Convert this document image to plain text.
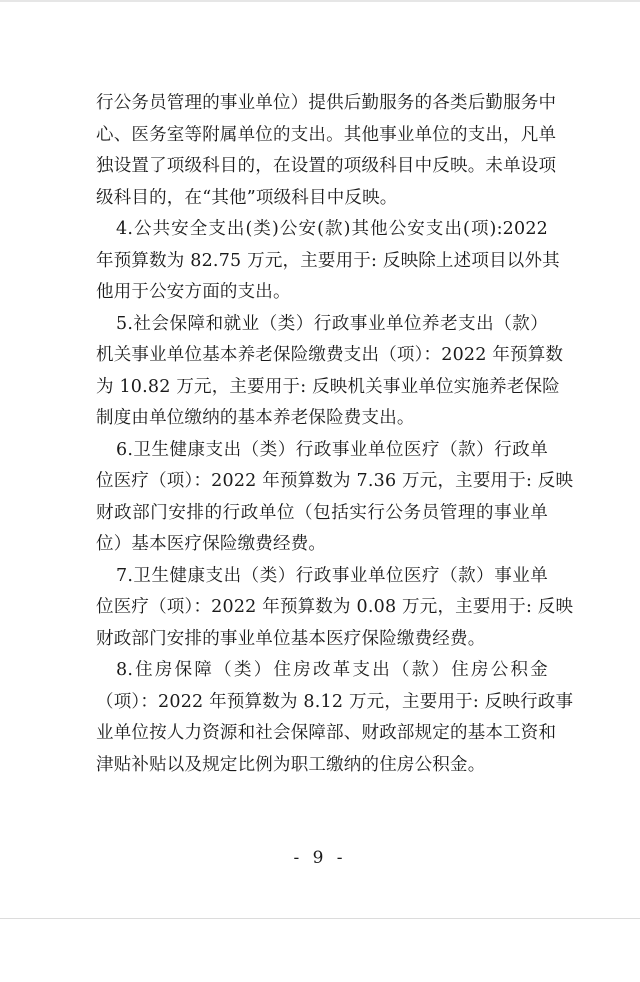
行公务员管理的事业单位）提供后勤服务的各类后勤服务中
心、医务室等附属单位的支出。其他事业单位的支出，凡单
独设置了项级科目的，在设置的项级科目中反映。未单设项
级科目的，在“其他”项级科目中反映。
4.公共安全支出(类)公安(款)其他公安支出(项):2022
年预算数为 82.75 万元，主要用于: 反映除上述项目以外其
他用于公安方面的支出。
5.社会保障和就业（类）行政事业单位养老支出（款）
机关事业单位基本养老保险缴费支出（项）：2022 年预算数
为 10.82 万元，主要用于: 反映机关事业单位实施养老保险
制度由单位缴纳的基本养老保险费支出。
6.卫生健康支出（类）行政事业单位医疗（款）行政单
位医疗（项）：2022 年预算数为 7.36 万元，主要用于: 反映
财政部门安排的行政单位（包括实行公务员管理的事业单
位）基本医疗保险缴费经费。
7.卫生健康支出（类）行政事业单位医疗（款）事业单
位医疗（项）：2022 年预算数为 0.08 万元，主要用于: 反映
财政部门安排的事业单位基本医疗保险缴费经费。
8.住房保障（类）住房改革支出（款）住房公积金
（项）：2022 年预算数为 8.12 万元，主要用于: 反映行政事
业单位按人力资源和社会保障部、财政部规定的基本工资和
津贴补贴以及规定比例为职工缴纳的住房公积金。
- 9 -
